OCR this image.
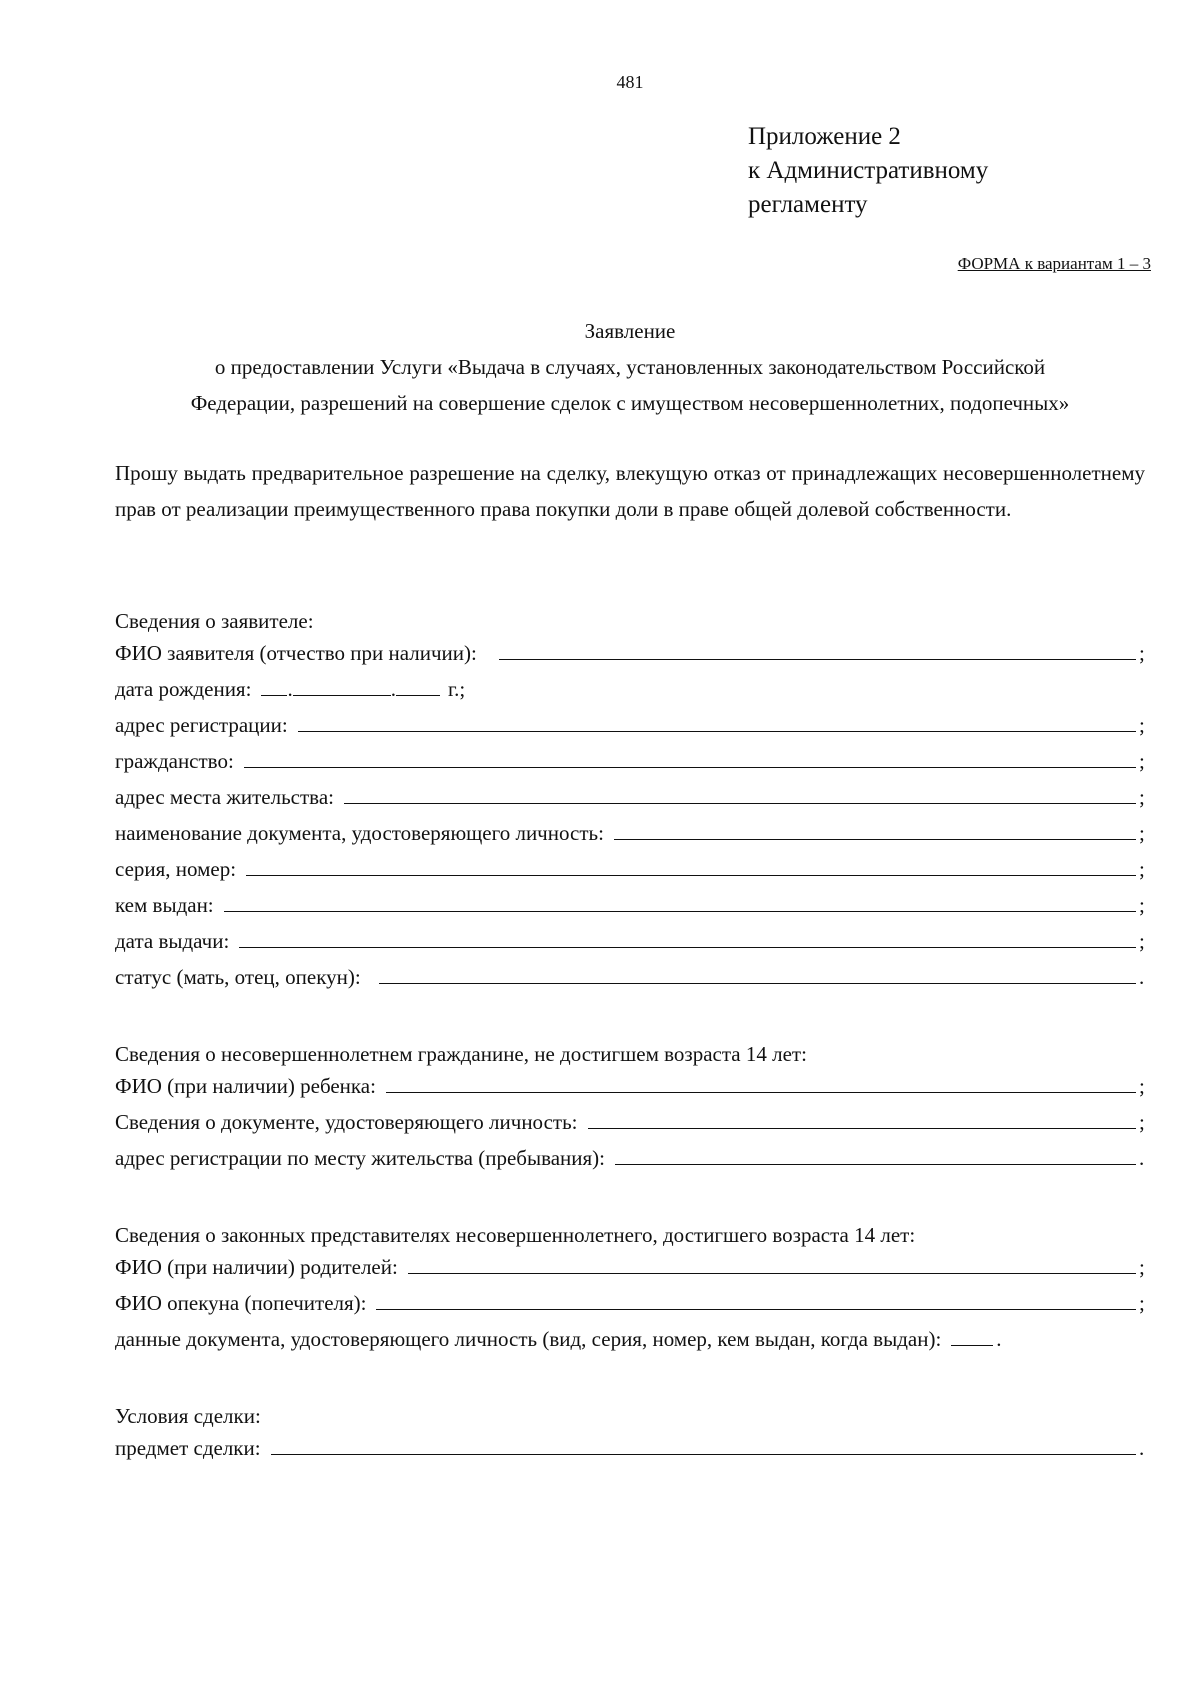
481
Приложение 2
к Административному
регламенту
ФОРМА к вариантам 1 – 3
Заявление
о предоставлении Услуги «Выдача в случаях, установленных законодательством Российской
Федерации, разрешений на совершение сделок с имуществом несовершеннолетних, подопечных»
Прошу выдать предварительное разрешение на сделку, влекущую отказ от принадлежащих несовершеннолетнему прав от реализации преимущественного права покупки доли в праве общей долевой собственности.
Сведения о заявителе:
ФИО заявителя (отчество при наличии):	;
дата рождения: .	. г.;
адрес регистрации:	;
гражданство:	;
адрес места жительства:	;
наименование документа, удостоверяющего личность:	;
серия, номер:	;
кем выдан:	;
дата выдачи:	;
статус (мать, отец, опекун):	.
Сведения о несовершеннолетнем гражданине, не достигшем возраста 14 лет:
ФИО (при наличии) ребенка:	;
Сведения о документе, удостоверяющего личность:	;
адрес регистрации по месту жительства (пребывания):	.
Сведения о законных представителях несовершеннолетнего, достигшего возраста 14 лет:
ФИО (при наличии) родителей:	;
ФИО опекуна (попечителя):	;
данные документа, удостоверяющего личность (вид, серия, номер, кем выдан, когда выдан):	.
Условия сделки:
предмет сделки:	.
